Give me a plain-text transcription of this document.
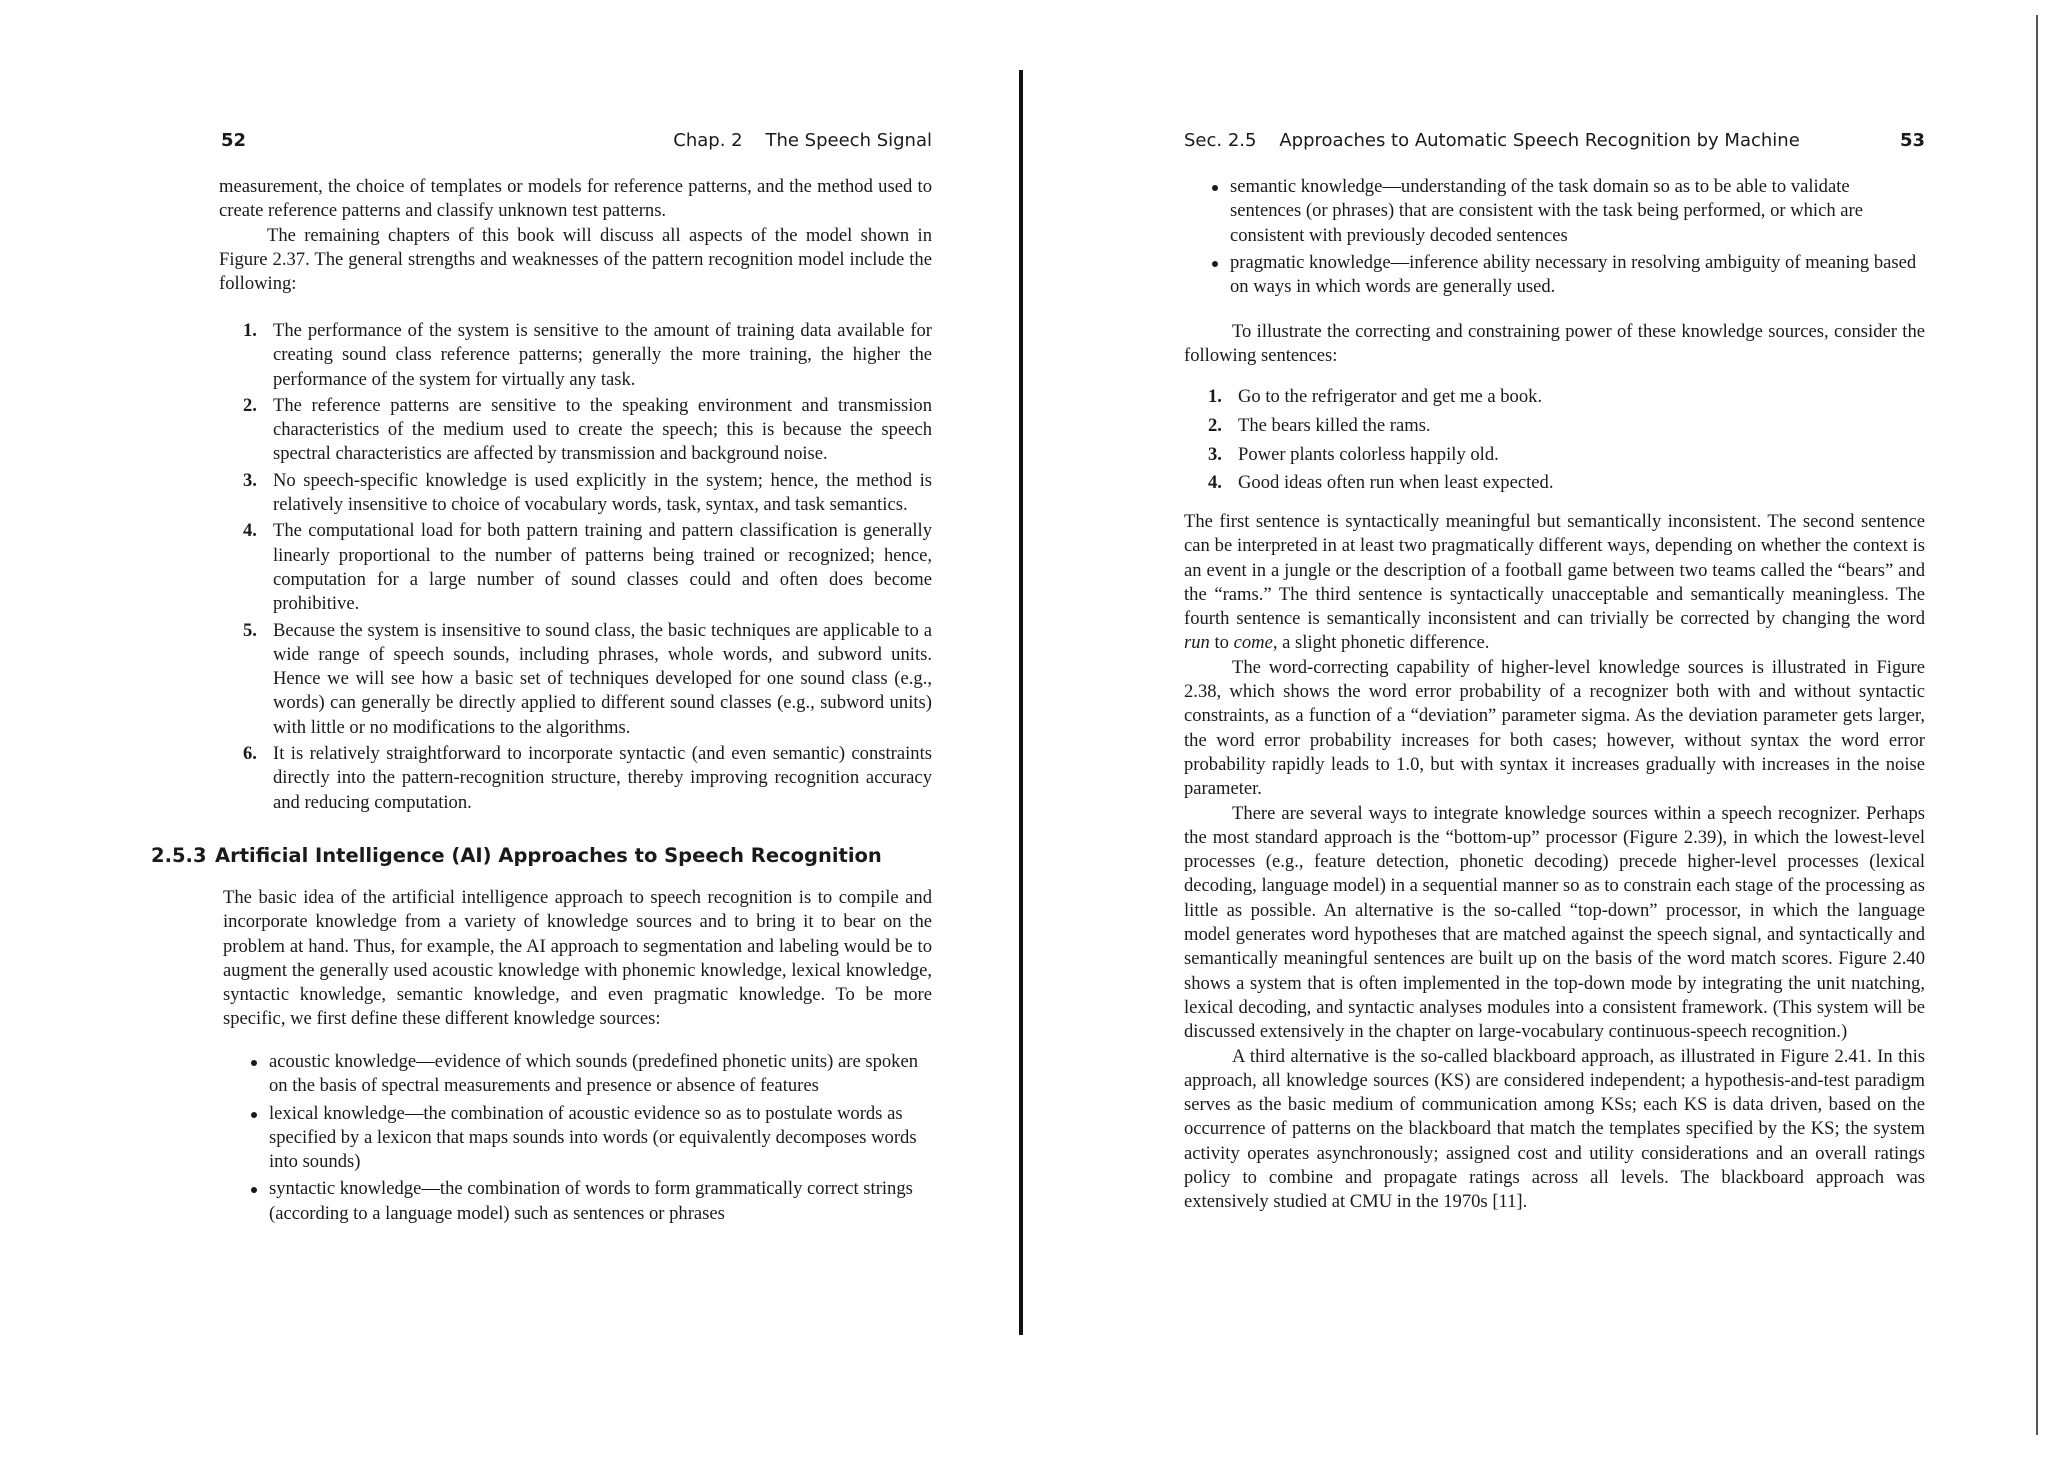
52	Chap. 2    The Speech Signal

measurement, the choice of templates or models for reference patterns, and the method used to create reference patterns and classify unknown test patterns.

The remaining chapters of this book will discuss all aspects of the model shown in Figure 2.37. The general strengths and weaknesses of the pattern recognition model include the following:

1. The performance of the system is sensitive to the amount of training data available for creating sound class reference patterns; generally the more training, the higher the performance of the system for virtually any task.
2. The reference patterns are sensitive to the speaking environment and transmission characteristics of the medium used to create the speech; this is because the speech spectral characteristics are affected by transmission and background noise.
3. No speech-specific knowledge is used explicitly in the system; hence, the method is relatively insensitive to choice of vocabulary words, task, syntax, and task semantics.
4. The computational load for both pattern training and pattern classification is generally linearly proportional to the number of patterns being trained or recognized; hence, computation for a large number of sound classes could and often does become prohibitive.
5. Because the system is insensitive to sound class, the basic techniques are applicable to a wide range of speech sounds, including phrases, whole words, and subword units. Hence we will see how a basic set of techniques developed for one sound class (e.g., words) can generally be directly applied to different sound classes (e.g., subword units) with little or no modifications to the algorithms.
6. It is relatively straightforward to incorporate syntactic (and even semantic) constraints directly into the pattern-recognition structure, thereby improving recognition accuracy and reducing computation.
2.5.3 Artificial Intelligence (AI) Approaches to Speech Recognition

The basic idea of the artificial intelligence approach to speech recognition is to compile and incorporate knowledge from a variety of knowledge sources and to bring it to bear on the problem at hand. Thus, for example, the AI approach to segmentation and labeling would be to augment the generally used acoustic knowledge with phonemic knowledge, lexical knowledge, syntactic knowledge, semantic knowledge, and even pragmatic knowledge. To be more specific, we first define these different knowledge sources:

acoustic knowledge—evidence of which sounds (predefined phonetic units) are spoken on the basis of spectral measurements and presence or absence of features
lexical knowledge—the combination of acoustic evidence so as to postulate words as specified by a lexicon that maps sounds into words (or equivalently decomposes words into sounds)
syntactic knowledge—the combination of words to form grammatically correct strings (according to a language model) such as sentences or phrases
Sec. 2.5    Approaches to Automatic Speech Recognition by Machine	53
semantic knowledge—understanding of the task domain so as to be able to validate sentences (or phrases) that are consistent with the task being performed, or which are consistent with previously decoded sentences
pragmatic knowledge—inference ability necessary in resolving ambiguity of meaning based on ways in which words are generally used.

To illustrate the correcting and constraining power of these knowledge sources, consider the following sentences:

1. Go to the refrigerator and get me a book.
2. The bears killed the rams.
3. Power plants colorless happily old.
4. Good ideas often run when least expected.

The first sentence is syntactically meaningful but semantically inconsistent. The second sentence can be interpreted in at least two pragmatically different ways, depending on whether the context is an event in a jungle or the description of a football game between two teams called the “bears” and the “rams.” The third sentence is syntactically unacceptable and semantically meaningless. The fourth sentence is semantically inconsistent and can trivially be corrected by changing the word run to come, a slight phonetic difference.

The word-correcting capability of higher-level knowledge sources is illustrated in Figure 2.38, which shows the word error probability of a recognizer both with and without syntactic constraints, as a function of a “deviation” parameter sigma. As the deviation parameter gets larger, the word error probability increases for both cases; however, without syntax the word error probability rapidly leads to 1.0, but with syntax it increases gradually with increases in the noise parameter.

There are several ways to integrate knowledge sources within a speech recognizer. Perhaps the most standard approach is the “bottom-up” processor (Figure 2.39), in which the lowest-level processes (e.g., feature detection, phonetic decoding) precede higher-level processes (lexical decoding, language model) in a sequential manner so as to constrain each stage of the processing as little as possible. An alternative is the so-called “top-down” processor, in which the language model generates word hypotheses that are matched against the speech signal, and syntactically and semantically meaningful sentences are built up on the basis of the word match scores. Figure 2.40 shows a system that is often implemented in the top-down mode by integrating the unit nıatching, lexical decoding, and syntactic analyses modules into a consistent framework. (This system will be discussed extensively in the chapter on large-vocabulary continuous-speech recognition.)

A third alternative is the so-called blackboard approach, as illustrated in Figure 2.41. In this approach, all knowledge sources (KS) are considered independent; a hypothesis-and-test paradigm serves as the basic medium of communication among KSs; each KS is data driven, based on the occurrence of patterns on the blackboard that match the templates specified by the KS; the system activity operates asynchronously; assigned cost and utility considerations and an overall ratings policy to combine and propagate ratings across all levels. The blackboard approach was extensively studied at CMU in the 1970s [11].
